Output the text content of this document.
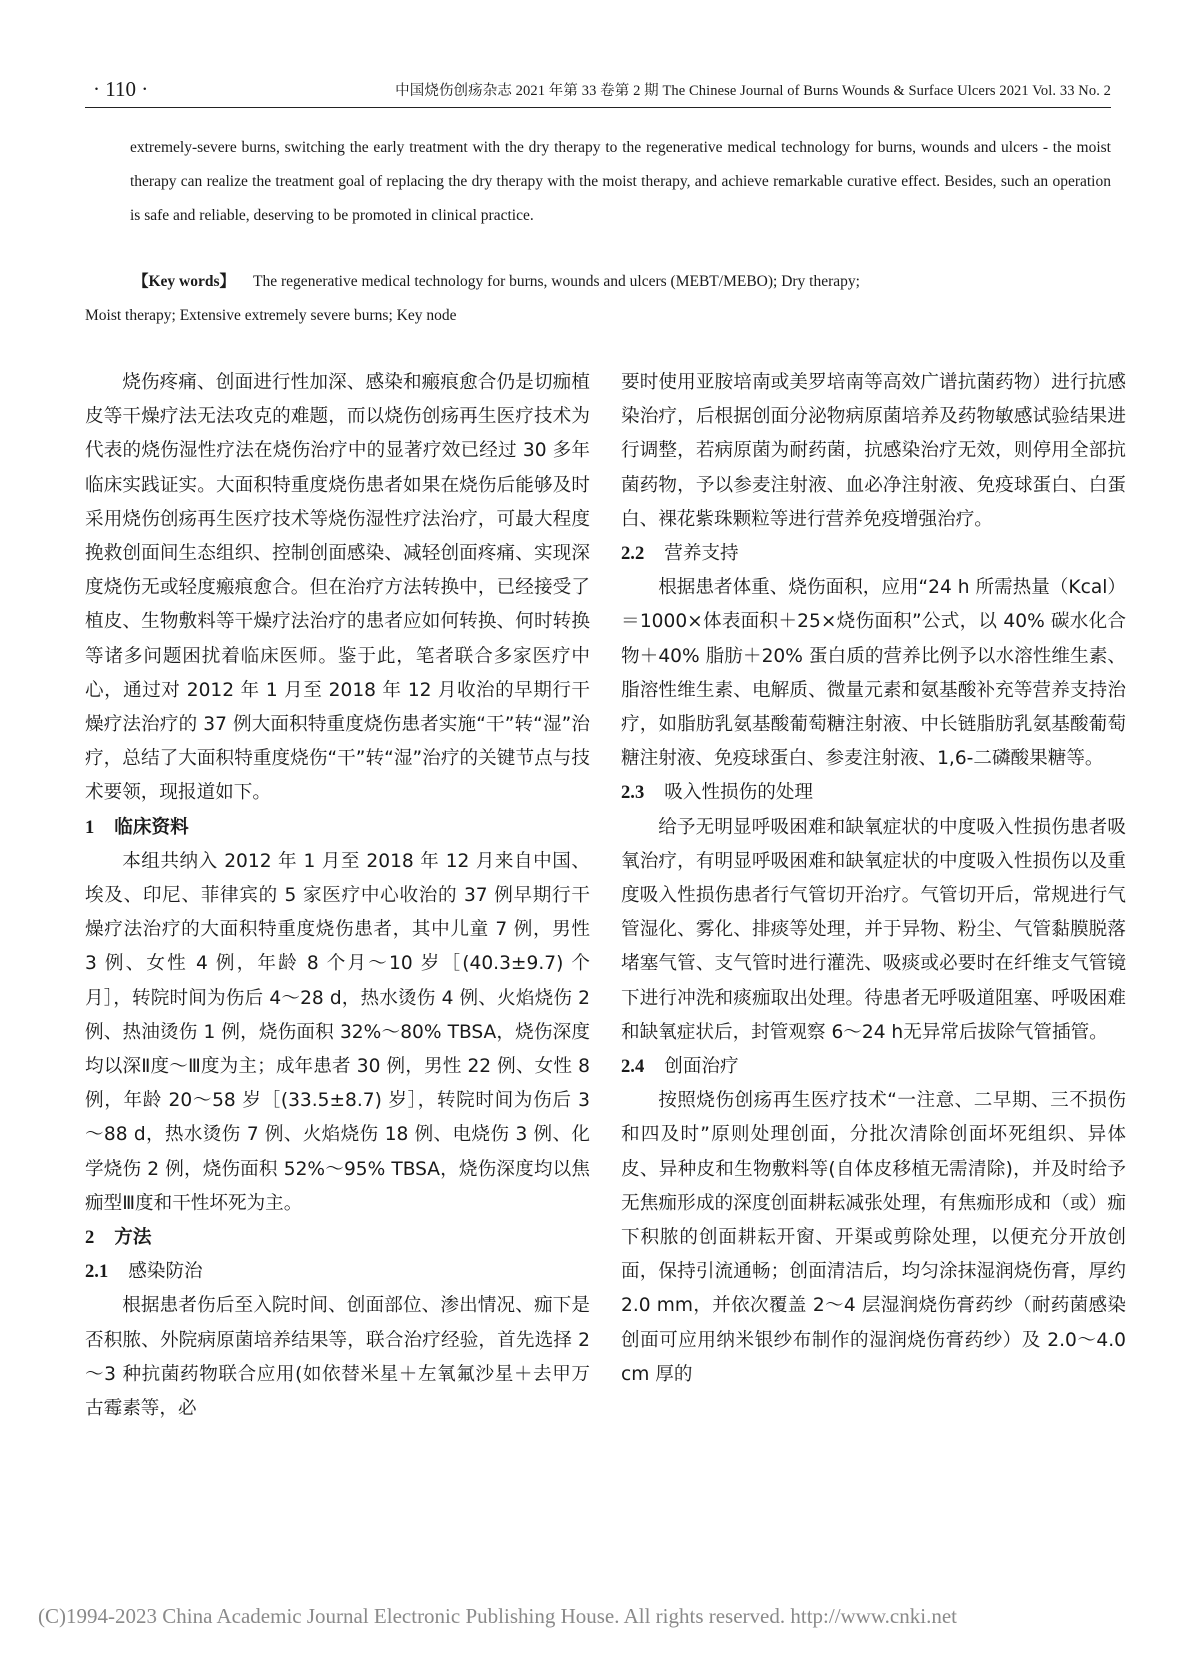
· 110 ·	中国烧伤创疡杂志 2021 年第 33 卷第 2 期 The Chinese Journal of Burns Wounds & Surface Ulcers 2021 Vol. 33 No. 2

extremely-severe burns, switching the early treatment with the dry therapy to the regenerative medical technology for burns, wounds and ulcers - the moist therapy can realize the treatment goal of replacing the dry therapy with the moist therapy, and achieve remarkable curative effect. Besides, such an operation is safe and reliable, deserving to be promoted in clinical practice.

【Key words】 The regenerative medical technology for burns, wounds and ulcers (MEBT/MEBO); Dry therapy;
Moist therapy; Extensive extremely severe burns; Key node

烧伤疼痛、创面进行性加深、感染和瘢痕愈合仍是切痂植皮等干燥疗法无法攻克的难题，而以烧伤创疡再生医疗技术为代表的烧伤湿性疗法在烧伤治疗中的显著疗效已经过 30 多年临床实践证实。大面积特重度烧伤患者如果在烧伤后能够及时采用烧伤创疡再生医疗技术等烧伤湿性疗法治疗，可最大程度挽救创面间生态组织、控制创面感染、减轻创面疼痛、实现深度烧伤无或轻度瘢痕愈合。但在治疗方法转换中，已经接受了植皮、生物敷料等干燥疗法治疗的患者应如何转换、何时转换等诸多问题困扰着临床医师。鉴于此，笔者联合多家医疗中心，通过对 2012 年 1 月至 2018 年 12 月收治的早期行干燥疗法治疗的 37 例大面积特重度烧伤患者实施“干”转“湿”治疗，总结了大面积特重度烧伤“干”转“湿”治疗的关键节点与技术要领，现报道如下。

1 临床资料

本组共纳入 2012 年 1 月至 2018 年 12 月来自中国、埃及、印尼、菲律宾的 5 家医疗中心收治的 37 例早期行干燥疗法治疗的大面积特重度烧伤患者，其中儿童 7 例，男性 3 例、女性 4 例，年龄 8 个月～10 岁［(40.3±9.7) 个月］，转院时间为伤后 4～28 d，热水烫伤 4 例、火焰烧伤 2 例、热油烫伤 1 例，烧伤面积 32%～80% TBSA，烧伤深度均以深Ⅱ度～Ⅲ度为主；成年患者 30 例，男性 22 例、女性 8 例，年龄 20～58 岁［(33.5±8.7) 岁］，转院时间为伤后 3～88 d，热水烫伤 7 例、火焰烧伤 18 例、电烧伤 3 例、化学烧伤 2 例，烧伤面积 52%～95% TBSA，烧伤深度均以焦痂型Ⅲ度和干性坏死为主。

2 方法
2.1 感染防治

根据患者伤后至入院时间、创面部位、渗出情况、痂下是否积脓、外院病原菌培养结果等，联合治疗经验，首先选择 2～3 种抗菌药物联合应用(如依替米星＋左氧氟沙星＋去甲万古霉素等，必

要时使用亚胺培南或美罗培南等高效广谱抗菌药物）进行抗感染治疗，后根据创面分泌物病原菌培养及药物敏感试验结果进行调整，若病原菌为耐药菌，抗感染治疗无效，则停用全部抗菌药物，予以参麦注射液、血必净注射液、免疫球蛋白、白蛋白、裸花紫珠颗粒等进行营养免疫增强治疗。

2.2 营养支持

根据患者体重、烧伤面积，应用“24 h 所需热量（Kcal）＝1000×体表面积＋25×烧伤面积”公式，以 40% 碳水化合物＋40% 脂肪＋20% 蛋白质的营养比例予以水溶性维生素、脂溶性维生素、电解质、微量元素和氨基酸补充等营养支持治疗，如脂肪乳氨基酸葡萄糖注射液、中长链脂肪乳氨基酸葡萄糖注射液、免疫球蛋白、参麦注射液、1,6-二磷酸果糖等。

2.3 吸入性损伤的处理

给予无明显呼吸困难和缺氧症状的中度吸入性损伤患者吸氧治疗，有明显呼吸困难和缺氧症状的中度吸入性损伤以及重度吸入性损伤患者行气管切开治疗。气管切开后，常规进行气管湿化、雾化、排痰等处理，并于异物、粉尘、气管黏膜脱落堵塞气管、支气管时进行灌洗、吸痰或必要时在纤维支气管镜下进行冲洗和痰痂取出处理。待患者无呼吸道阻塞、呼吸困难和缺氧症状后，封管观察 6～24 h无异常后拔除气管插管。

2.4 创面治疗

按照烧伤创疡再生医疗技术“一注意、二早期、三不损伤和四及时”原则处理创面，分批次清除创面坏死组织、异体皮、异种皮和生物敷料等(自体皮移植无需清除)，并及时给予无焦痂形成的深度创面耕耘减张处理，有焦痂形成和（或）痂下积脓的创面耕耘开窗、开渠或剪除处理，以便充分开放创面，保持引流通畅；创面清洁后，均匀涂抹湿润烧伤膏，厚约 2.0 mm，并依次覆盖 2～4 层湿润烧伤膏药纱（耐药菌感染创面可应用纳米银纱布制作的湿润烧伤膏药纱）及 2.0～4.0 cm 厚的

(C)1994-2023 China Academic Journal Electronic Publishing House. All rights reserved. http://www.cnki.net
